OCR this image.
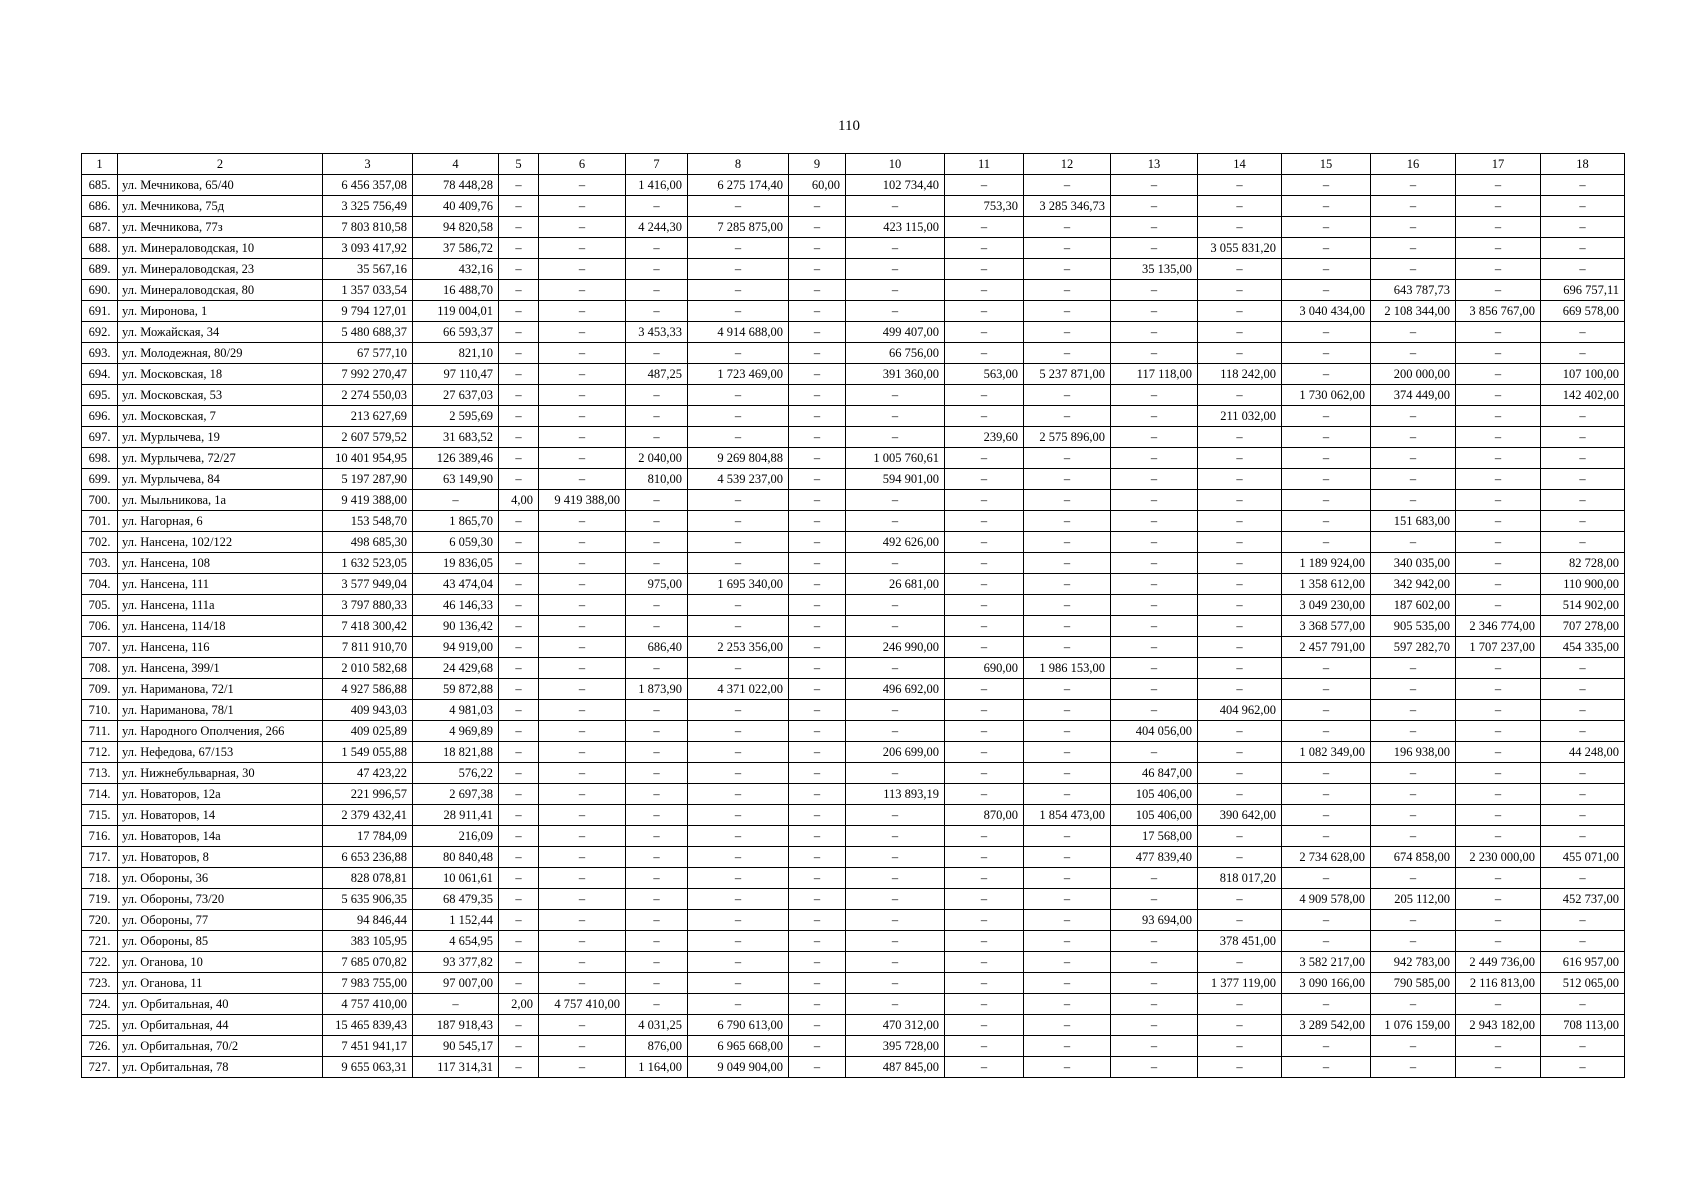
110
1	2	3	4	5	6	7	8	9	10	11	12	13	14	15	16	17	18
685.	ул. Мечникова, 65/40	6 456 357,08	78 448,28	–	–	1 416,00	6 275 174,40	60,00	102 734,40	–	–	–	–	–	–	–	–
686.	ул. Мечникова, 75д	3 325 756,49	40 409,76	–	–	–	–	–	–	753,30	3 285 346,73	–	–	–	–	–	–
687.	ул. Мечникова, 77з	7 803 810,58	94 820,58	–	–	4 244,30	7 285 875,00	–	423 115,00	–	–	–	–	–	–	–	–
688.	ул. Минераловодская, 10	3 093 417,92	37 586,72	–	–	–	–	–	–	–	–	–	3 055 831,20	–	–	–	–
689.	ул. Минераловодская, 23	35 567,16	432,16	–	–	–	–	–	–	–	–	35 135,00	–	–	–	–	–
690.	ул. Минераловодская, 80	1 357 033,54	16 488,70	–	–	–	–	–	–	–	–	–	–	–	643 787,73	–	696 757,11
691.	ул. Миронова, 1	9 794 127,01	119 004,01	–	–	–	–	–	–	–	–	–	–	3 040 434,00	2 108 344,00	3 856 767,00	669 578,00
692.	ул. Можайская, 34	5 480 688,37	66 593,37	–	–	3 453,33	4 914 688,00	–	499 407,00	–	–	–	–	–	–	–	–
693.	ул. Молодежная, 80/29	67 577,10	821,10	–	–	–	–	–	66 756,00	–	–	–	–	–	–	–	–
694.	ул. Московская, 18	7 992 270,47	97 110,47	–	–	487,25	1 723 469,00	–	391 360,00	563,00	5 237 871,00	117 118,00	118 242,00	–	200 000,00	–	107 100,00
695.	ул. Московская, 53	2 274 550,03	27 637,03	–	–	–	–	–	–	–	–	–	–	1 730 062,00	374 449,00	–	142 402,00
696.	ул. Московская, 7	213 627,69	2 595,69	–	–	–	–	–	–	–	–	–	211 032,00	–	–	–	–
697.	ул. Мурлычева, 19	2 607 579,52	31 683,52	–	–	–	–	–	–	239,60	2 575 896,00	–	–	–	–	–	–
698.	ул. Мурлычева, 72/27	10 401 954,95	126 389,46	–	–	2 040,00	9 269 804,88	–	1 005 760,61	–	–	–	–	–	–	–	–
699.	ул. Мурлычева, 84	5 197 287,90	63 149,90	–	–	810,00	4 539 237,00	–	594 901,00	–	–	–	–	–	–	–	–
700.	ул. Мыльникова, 1а	9 419 388,00	–	4,00	9 419 388,00	–	–	–	–	–	–	–	–	–	–	–	–
701.	ул. Нагорная, 6	153 548,70	1 865,70	–	–	–	–	–	–	–	–	–	–	–	151 683,00	–	–
702.	ул. Нансена, 102/122	498 685,30	6 059,30	–	–	–	–	–	492 626,00	–	–	–	–	–	–	–	–
703.	ул. Нансена, 108	1 632 523,05	19 836,05	–	–	–	–	–	–	–	–	–	–	1 189 924,00	340 035,00	–	82 728,00
704.	ул. Нансена, 111	3 577 949,04	43 474,04	–	–	975,00	1 695 340,00	–	26 681,00	–	–	–	–	1 358 612,00	342 942,00	–	110 900,00
705.	ул. Нансена, 111а	3 797 880,33	46 146,33	–	–	–	–	–	–	–	–	–	–	3 049 230,00	187 602,00	–	514 902,00
706.	ул. Нансена, 114/18	7 418 300,42	90 136,42	–	–	–	–	–	–	–	–	–	–	3 368 577,00	905 535,00	2 346 774,00	707 278,00
707.	ул. Нансена, 116	7 811 910,70	94 919,00	–	–	686,40	2 253 356,00	–	246 990,00	–	–	–	–	2 457 791,00	597 282,70	1 707 237,00	454 335,00
708.	ул. Нансена, 399/1	2 010 582,68	24 429,68	–	–	–	–	–	–	690,00	1 986 153,00	–	–	–	–	–	–
709.	ул. Нариманова, 72/1	4 927 586,88	59 872,88	–	–	1 873,90	4 371 022,00	–	496 692,00	–	–	–	–	–	–	–	–
710.	ул. Нариманова, 78/1	409 943,03	4 981,03	–	–	–	–	–	–	–	–	–	404 962,00	–	–	–	–
711.	ул. Народного Ополчения, 266	409 025,89	4 969,89	–	–	–	–	–	–	–	–	404 056,00	–	–	–	–	–
712.	ул. Нефедова, 67/153	1 549 055,88	18 821,88	–	–	–	–	–	206 699,00	–	–	–	–	1 082 349,00	196 938,00	–	44 248,00
713.	ул. Нижнебульварная, 30	47 423,22	576,22	–	–	–	–	–	–	–	–	46 847,00	–	–	–	–	–
714.	ул. Новаторов, 12а	221 996,57	2 697,38	–	–	–	–	–	113 893,19	–	–	105 406,00	–	–	–	–	–
715.	ул. Новаторов, 14	2 379 432,41	28 911,41	–	–	–	–	–	–	870,00	1 854 473,00	105 406,00	390 642,00	–	–	–	–
716.	ул. Новаторов, 14а	17 784,09	216,09	–	–	–	–	–	–	–	–	17 568,00	–	–	–	–	–
717.	ул. Новаторов, 8	6 653 236,88	80 840,48	–	–	–	–	–	–	–	–	477 839,40	–	2 734 628,00	674 858,00	2 230 000,00	455 071,00
718.	ул. Обороны, 36	828 078,81	10 061,61	–	–	–	–	–	–	–	–	–	818 017,20	–	–	–	–
719.	ул. Обороны, 73/20	5 635 906,35	68 479,35	–	–	–	–	–	–	–	–	–	–	4 909 578,00	205 112,00	–	452 737,00
720.	ул. Обороны, 77	94 846,44	1 152,44	–	–	–	–	–	–	–	–	93 694,00	–	–	–	–	–
721.	ул. Обороны, 85	383 105,95	4 654,95	–	–	–	–	–	–	–	–	–	378 451,00	–	–	–	–
722.	ул. Оганова, 10	7 685 070,82	93 377,82	–	–	–	–	–	–	–	–	–	–	3 582 217,00	942 783,00	2 449 736,00	616 957,00
723.	ул. Оганова, 11	7 983 755,00	97 007,00	–	–	–	–	–	–	–	–	–	1 377 119,00	3 090 166,00	790 585,00	2 116 813,00	512 065,00
724.	ул. Орбитальная, 40	4 757 410,00	–	2,00	4 757 410,00	–	–	–	–	–	–	–	–	–	–	–	–
725.	ул. Орбитальная, 44	15 465 839,43	187 918,43	–	–	4 031,25	6 790 613,00	–	470 312,00	–	–	–	–	3 289 542,00	1 076 159,00	2 943 182,00	708 113,00
726.	ул. Орбитальная, 70/2	7 451 941,17	90 545,17	–	–	876,00	6 965 668,00	–	395 728,00	–	–	–	–	–	–	–	–
727.	ул. Орбитальная, 78	9 655 063,31	117 314,31	–	–	1 164,00	9 049 904,00	–	487 845,00	–	–	–	–	–	–	–	–
